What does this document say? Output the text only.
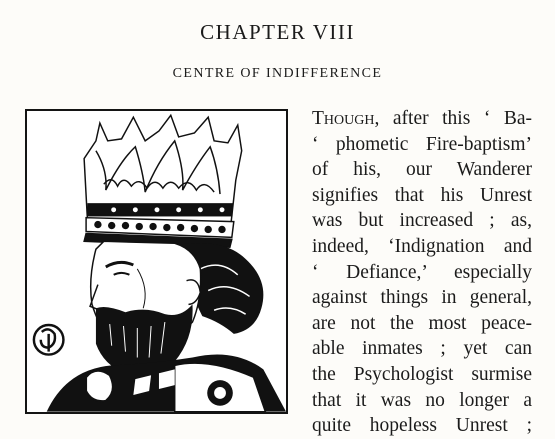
CHAPTER VIII
CENTRE OF INDIFFERENCE
Though, after this ‘ Ba-
‘ phometic Fire-baptism’
of his, our Wanderer
signifies that his Unrest
was but increased ; as,
indeed, ‘Indignation and
‘ Defiance,’ especially
against things in general,
are not the most peace-
able inmates ; yet can
the Psychologist surmise
that it was no longer a
quite hopeless Unrest ;
